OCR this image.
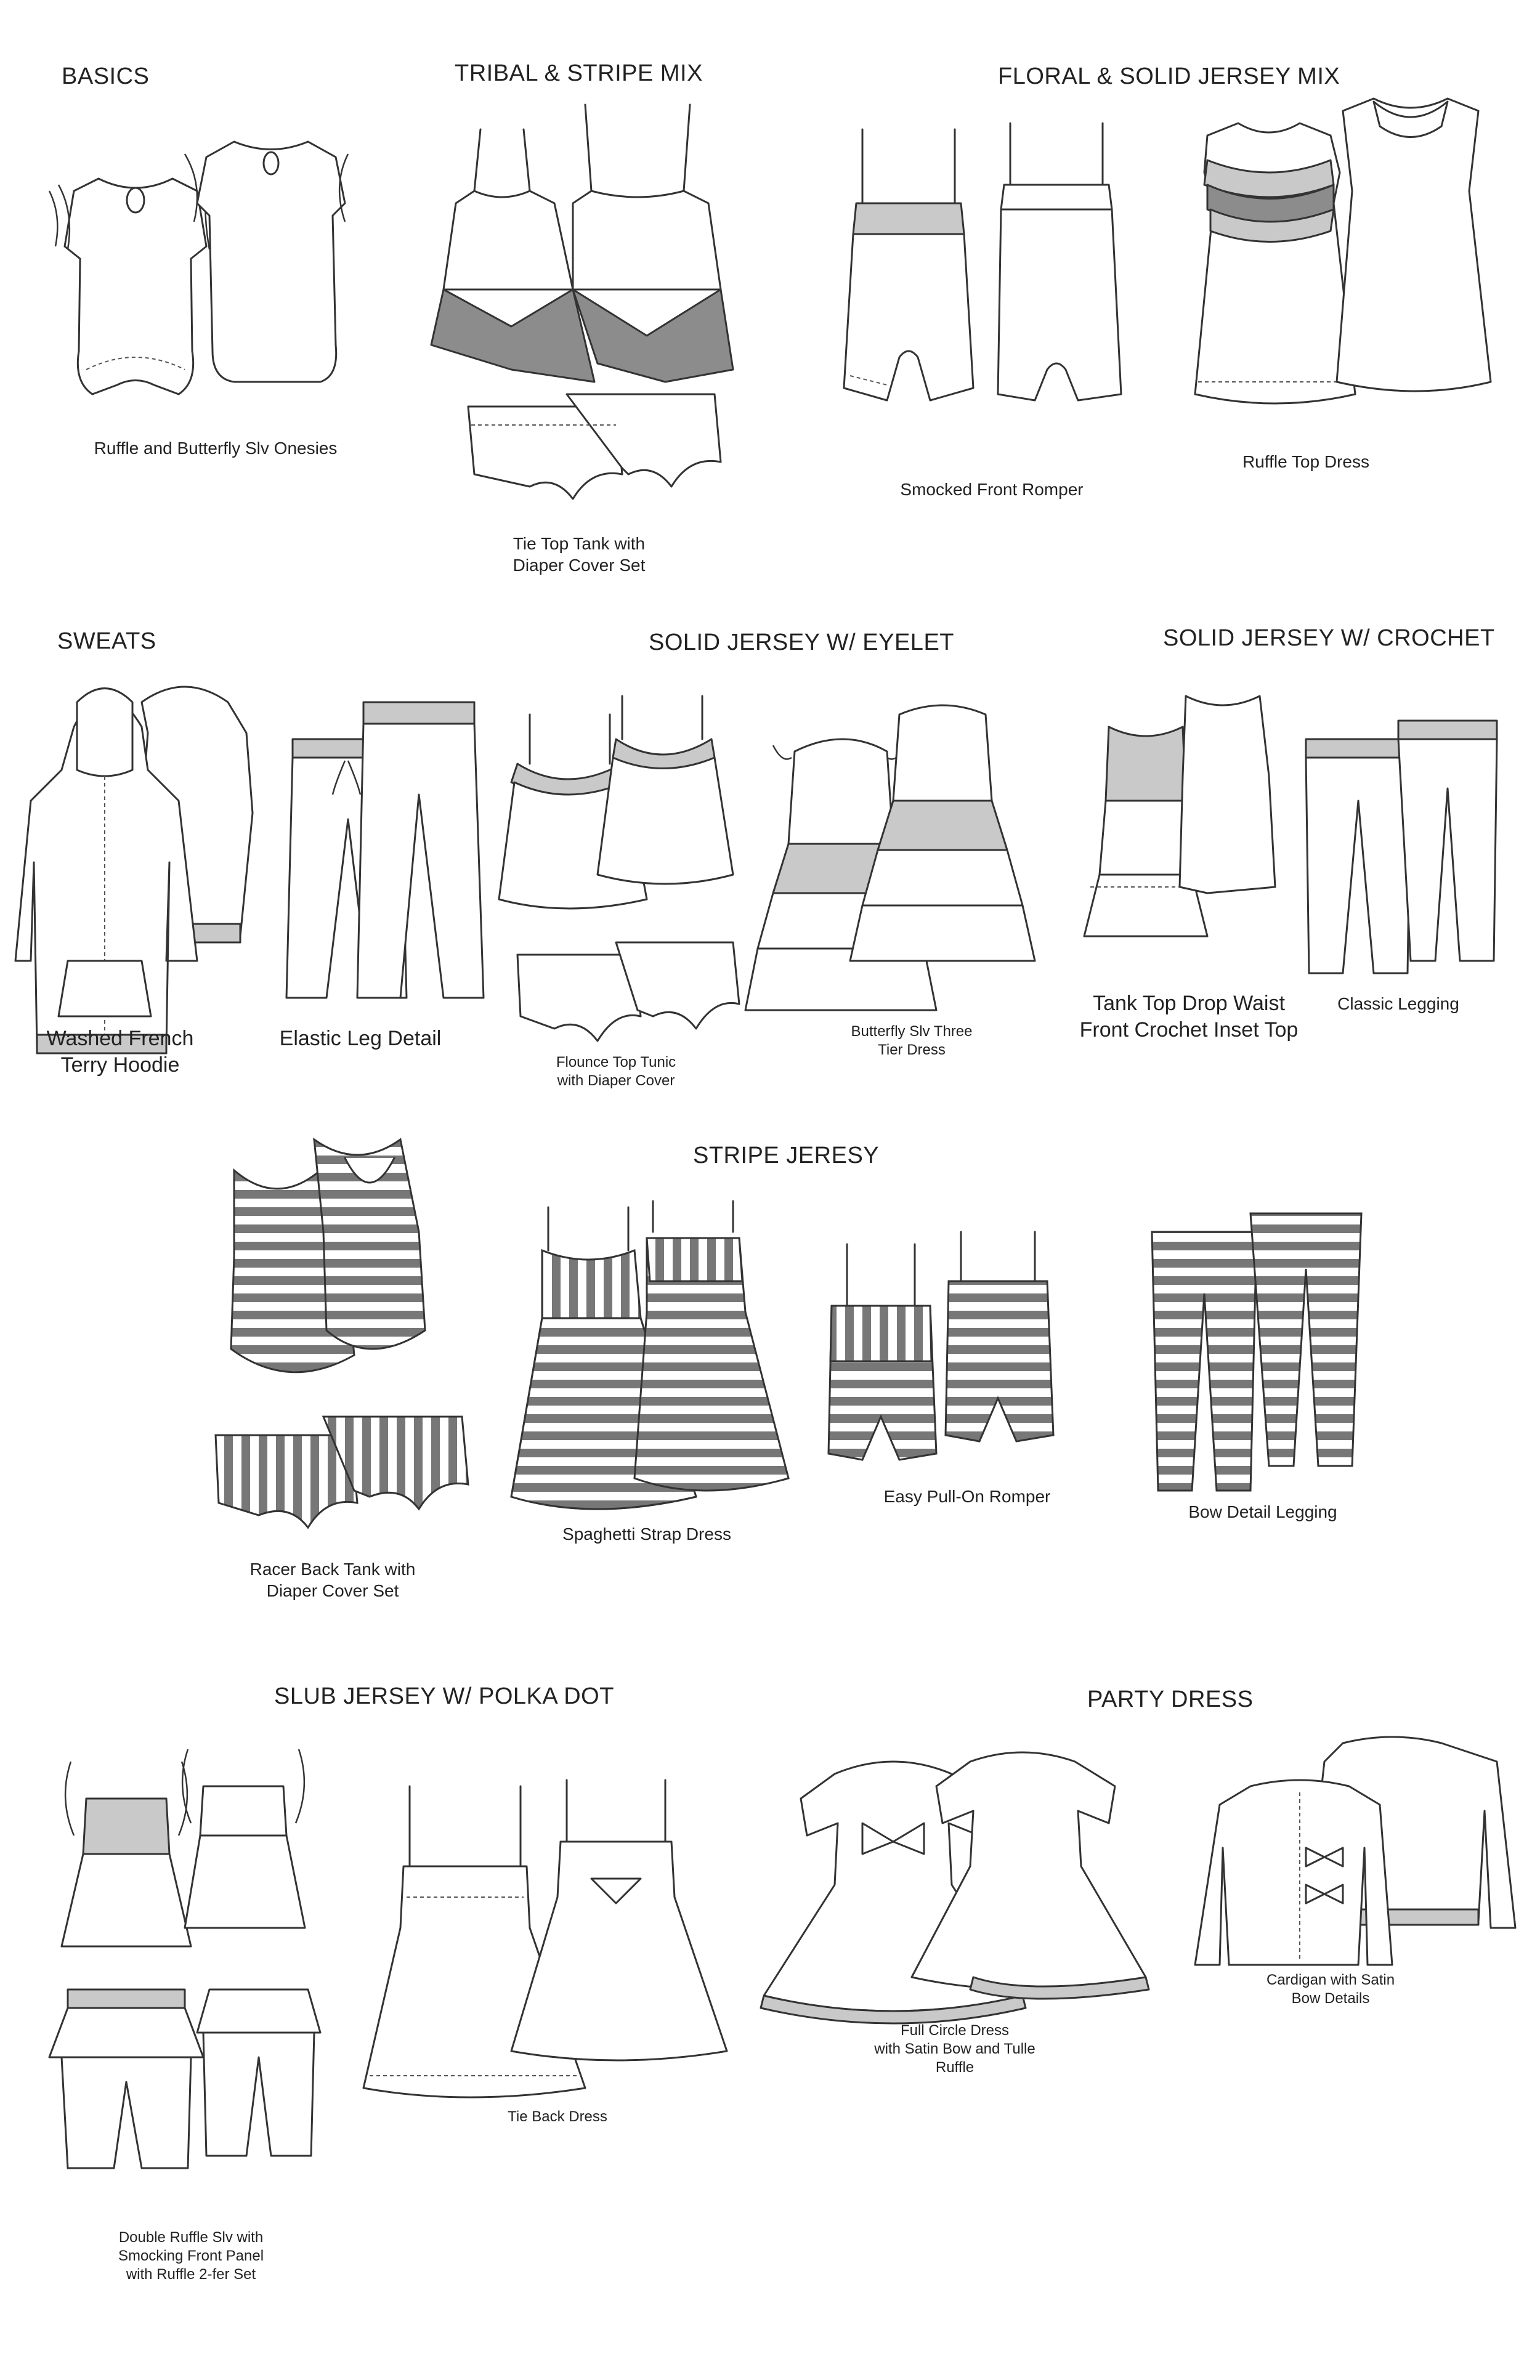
BASICS	TRIBAL & STRIPE MIX	FLORAL & SOLID JERSEY MIX
SWEATS	SOLID JERSEY W/ EYELET	SOLID JERSEY W/ CROCHET
STRIPE JERESY
SLUB JERSEY W/ POLKA DOT	PARTY DRESS
Ruffle and Butterfly Slv Onesies
Tie Top Tank with
Diaper Cover Set
Smocked Front Romper
Ruffle Top Dress
Washed French
Terry Hoodie
Elastic Leg Detail
Flounce Top Tunic
with Diaper Cover
Butterfly Slv Three
Tier Dress
Tank Top Drop Waist
Front Crochet Inset Top
Classic Legging
Racer Back Tank with
Diaper Cover Set
Spaghetti Strap Dress
Easy Pull-On Romper
Bow Detail Legging
Double Ruffle Slv with
Smocking Front Panel
with Ruffle 2-fer Set
Tie Back Dress
Full Circle Dress
with Satin Bow and Tulle
Ruffle
Cardigan with Satin
Bow Details
